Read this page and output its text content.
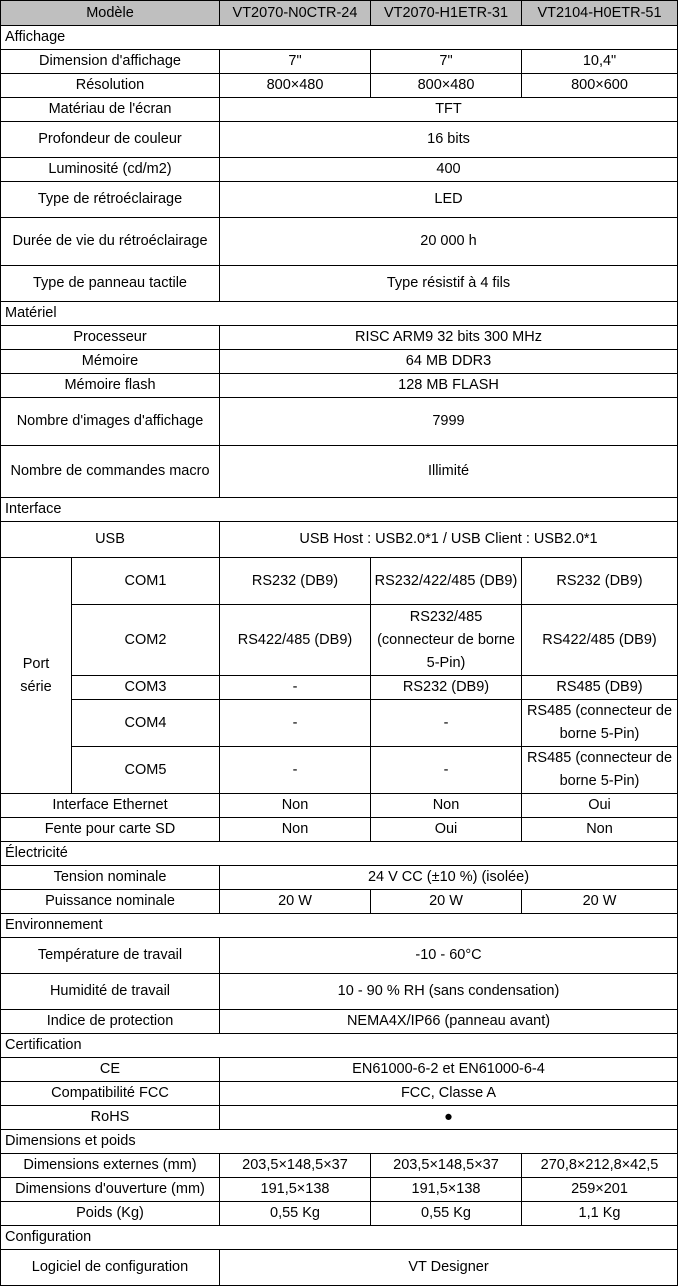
Modèle		VT2070-N0CTR-24	VT2070-H1ETR-31	VT2104-H0ETR-51
Affichage				
Dimension d'affichage		7"	7"	10,4"
Résolution		800×480	800×480	800×600
Matériau de l'écran		TFT		
Profondeur de couleur		16 bits		
Luminosité (cd/m2)		400		
Type de rétroéclairage		LED		
Durée de vie du rétroéclairage		20 000 h		
Type de panneau tactile		Type résistif à 4 fils		
Matériel				
Processeur		RISC ARM9 32 bits 300 MHz		
Mémoire		64 MB DDR3		
Mémoire flash		128 MB FLASH		
Nombre d'images d'affichage		7999		
Nombre de commandes macro		Illimité		
Interface				
USB		USB Host : USB2.0*1 / USB Client : USB2.0*1		
Port série	COM1	RS232 (DB9)	RS232/422/485 (DB9)	RS232 (DB9)
	COM2	RS422/485 (DB9)	RS232/485 (connecteur de borne 5-Pin)	RS422/485 (DB9)
	COM3	-	RS232 (DB9)	RS485 (DB9)
	COM4	-	-	RS485 (connecteur de borne 5-Pin)
	COM5	-	-	RS485 (connecteur de borne 5-Pin)
Interface Ethernet		Non	Non	Oui
Fente pour carte SD		Non	Oui	Non
Électricité				
Tension nominale		24 V CC (±10 %) (isolée)		
Puissance nominale		20 W	20 W	20 W
Environnement				
Température de travail		-10 - 60°C		
Humidité de travail		10 - 90 % RH (sans condensation)		
Indice de protection		NEMA4X/IP66 (panneau avant)		
Certification				
CE		EN61000-6-2 et EN61000-6-4		
Compatibilité FCC		FCC, Classe A		
RoHS		●		
Dimensions et poids				
Dimensions externes (mm)		203,5×148,5×37	203,5×148,5×37	270,8×212,8×42,5
Dimensions d'ouverture (mm)		191,5×138	191,5×138	259×201
Poids (Kg)		0,55 Kg	0,55 Kg	1,1 Kg
Configuration				
Logiciel de configuration		VT Designer		
